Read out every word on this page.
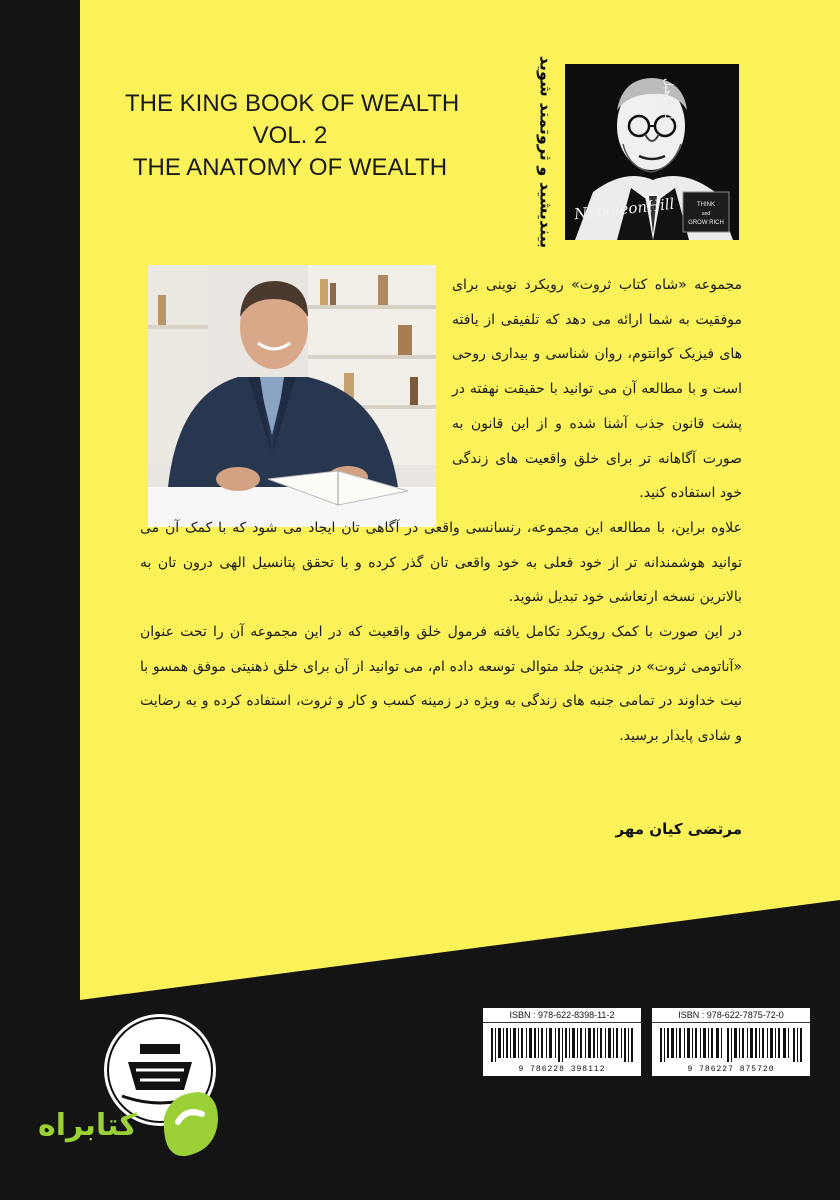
THE KING BOOK OF WEALTH
VOL. 2
THE ANATOMY OF WEALTH	بیندیشید و ثروتمند شوید	THINK
and
GROW RICH
ناپلئون هیل
NapoleonHill

مجموعه «شاه کتاب ثروت» رویکرد نوینی برای موفقیت به شما ارائه می دهد که تلفیقی از یافته های فیزیک کوانتوم، روان شناسی و بیداری روحی است و با مطالعه آن می توانید با حقیقت نهفته در پشت قانون جذب آشنا شده و از این قانون به صورت آگاهانه تر برای خلق واقعیت های زندگی خود استفاده کنید.

علاوه براین، با مطالعه این مجموعه، رنسانسی واقعی در آگاهی تان ایجاد می شود که با کمک آن می توانید هوشمندانه تر از خود فعلی به خود واقعی تان گذر کرده و با تحقق پتانسیل الهی درون تان به بالاترین نسخه ارتعاشی خود تبدیل شوید.

در این صورت با کمک رویکرد تکامل یافته فرمول خلق واقعیت که در این مجموعه آن را تحت عنوان «آناتومی ثروت» در چندین جلد متوالی توسعه داده ام، می توانید از آن برای خلق ذهنیتی موفق همسو با نیت خداوند در تمامی جنبه های زندگی به ویژه در زمینه کسب و کار و ثروت، استفاده کرده و به رضایت و شادی پایدار برسید.

مرتضی کیان مهر
ISBN : 978-622-8398-11-2
9 786228 398112
ISBN : 978-622-7875-72-0
9 786227 875720
کتابراه
